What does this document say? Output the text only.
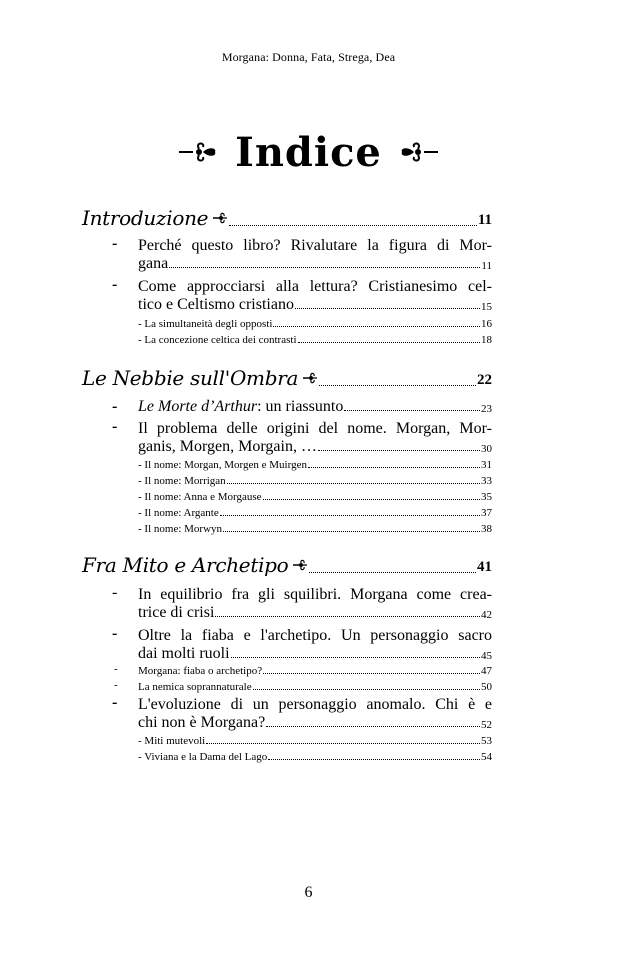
Morgana: Donna, Fata, Strega, Dea
Indice
Introduzione	11
- Perché questo libro? Rivalutare la figura di Mor-
gana	11
- Come approcciarsi alla lettura? Cristianesimo cel-
tico e Celtismo cristiano	15
- La simultaneità degli opposti	16
- La concezione celtica dei contrasti	18
Le Nebbie sull'Ombra	22
Le Morte d’Arthur: un riassunto	23
-
- Il problema delle origini del nome. Morgan, Mor-
ganis, Morgen, Morgain, …	30
- Il nome: Morgan, Morgen e Muirgen	31
- Il nome: Morrigan	33
- Il nome: Anna e Morgause	35
- Il nome: Argante	37
- Il nome: Morwyn	38
Fra Mito e Archetipo	41
- In equilibrio fra gli squilibri. Morgana come crea-
trice di crisi	42
- Oltre la fiaba e l'archetipo. Un personaggio sacro
dai molti ruoli	45
- Morgana: fiaba o archetipo?	47
- La nemica soprannaturale	50
- L'evoluzione di un personaggio anomalo. Chi è e
chi non è Morgana?	52
- Miti mutevoli	53
- Viviana e la Dama del Lago	54
6
